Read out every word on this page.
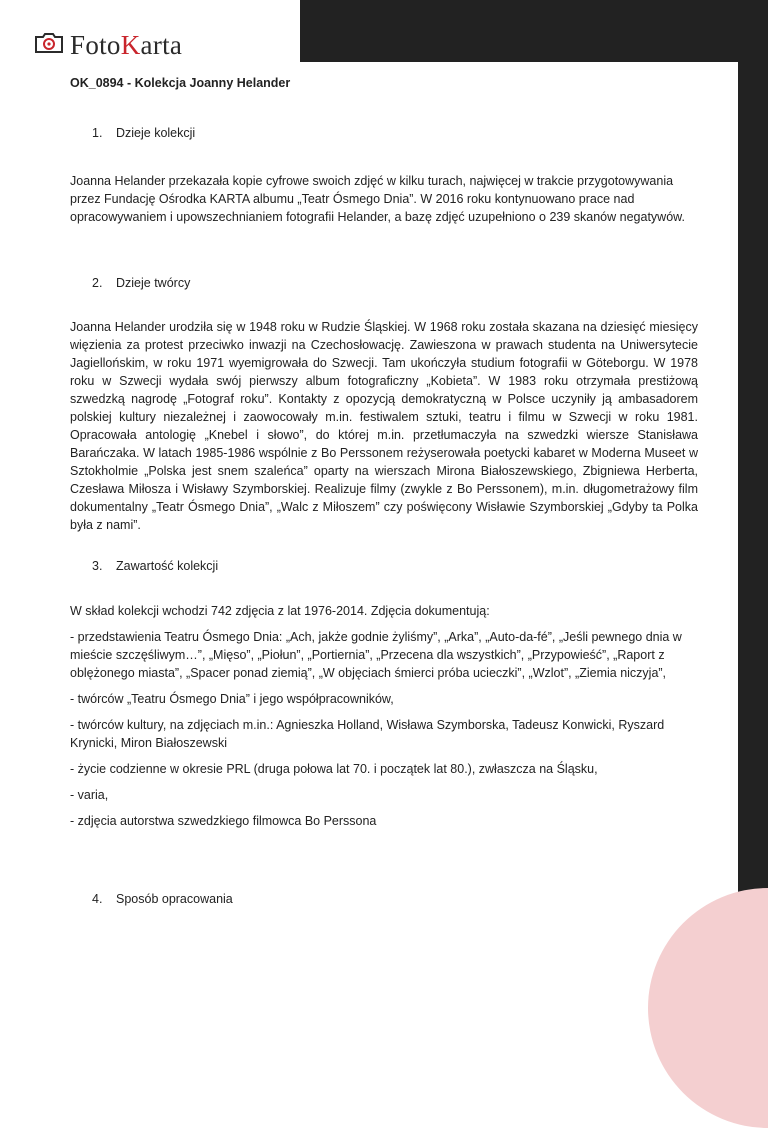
FotoKarta
OK_0894 - Kolekcja Joanny Helander
1. Dzieje kolekcji

Joanna Helander przekazała kopie cyfrowe swoich zdjęć w kilku turach, najwięcej w trakcie przygotowywania przez Fundację Ośrodka KARTA albumu „Teatr Ósmego Dnia”. W 2016 roku kontynuowano prace nad opracowywaniem i upowszechnianiem fotografii Helander, a bazę zdjęć uzupełniono o 239 skanów negatywów.

2. Dzieje twórcy

Joanna Helander urodziła się w 1948 roku w Rudzie Śląskiej. W 1968 roku została skazana na dziesięć miesięcy więzienia za protest przeciwko inwazji na Czechosłowację. Zawieszona w prawach studenta na Uniwersytecie Jagiellońskim, w roku 1971 wyemigrowała do Szwecji. Tam ukończyła studium fotografii w Göteborgu. W 1978 roku w Szwecji wydała swój pierwszy album fotograficzny „Kobieta”. W 1983 roku otrzymała prestiżową szwedzką nagrodę „Fotograf roku”. Kontakty z opozycją demokratyczną w Polsce uczyniły ją ambasadorem polskiej kultury niezależnej i zaowocowały m.in. festiwalem sztuki, teatru i filmu w Szwecji w roku 1981. Opracowała antologię „Knebel i słowo”, do której m.in. przetłumaczyła na szwedzki wiersze Stanisława Barańczaka. W latach 1985-1986 wspólnie z Bo Perssonem reżyserowała poetycki kabaret w Moderna Museet w Sztokholmie „Polska jest snem szaleńca” oparty na wierszach Mirona Białoszewskiego, Zbigniewa Herberta, Czesława Miłosza i Wisławy Szymborskiej. Realizuje filmy (zwykle z Bo Perssonem), m.in. długometrażowy film dokumentalny „Teatr Ósmego Dnia”, „Walc z Miłoszem” czy poświęcony Wisławie Szymborskiej „Gdyby ta Polka była z nami”.

3. Zawartość kolekcji

W skład kolekcji wchodzi 742 zdjęcia z lat 1976-2014. Zdjęcia dokumentują:

- przedstawienia Teatru Ósmego Dnia: „Ach, jakże godnie żyliśmy”, „Arka”, „Auto-da-fé”, „Jeśli pewnego dnia w mieście szczęśliwym…”, „Mięso”, „Piołun”, „Portiernia”, „Przecena dla wszystkich”, „Przypowieść”, „Raport z oblężonego miasta”, „Spacer ponad ziemią”, „W objęciach śmierci próba ucieczki”, „Wzlot”, „Ziemia niczyja”,

- twórców „Teatru Ósmego Dnia” i jego współpracowników,

- twórców kultury, na zdjęciach m.in.: Agnieszka Holland, Wisława Szymborska, Tadeusz Konwicki, Ryszard Krynicki, Miron Białoszewski

- życie codzienne w okresie PRL (druga połowa lat 70. i początek lat 80.), zwłaszcza na Śląsku,

- varia,

- zdjęcia autorstwa szwedzkiego filmowca Bo Perssona

4. Sposób opracowania
